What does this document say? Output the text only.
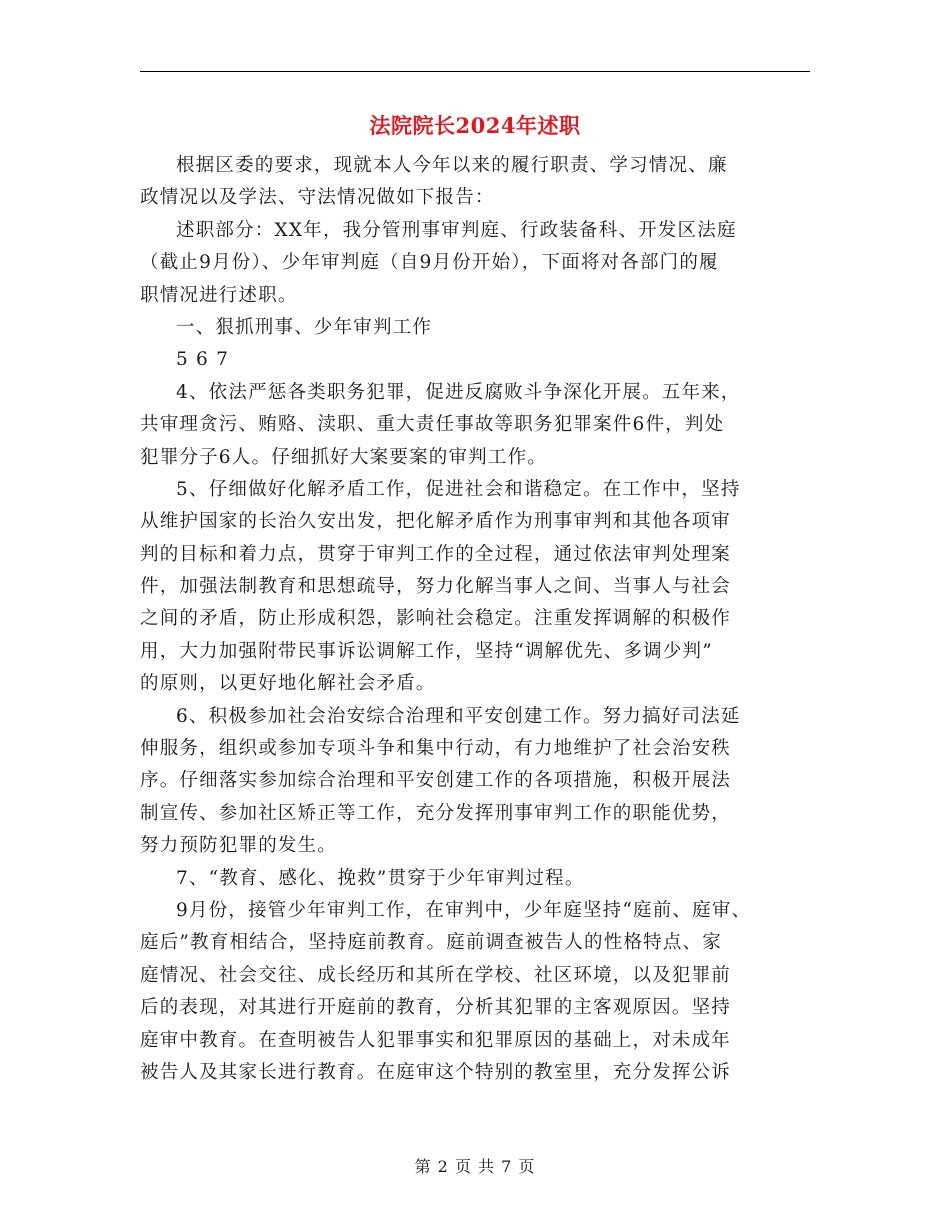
法院院长2024年述职
根据区委的要求，现就本人今年以来的履行职责、学习情况、廉
政情况以及学法、守法情况做如下报告：
述职部分：XX年，我分管刑事审判庭、行政装备科、开发区法庭
（截止9月份）、少年审判庭（自9月份开始），下面将对各部门的履
职情况进行述职。
一、狠抓刑事、少年审判工作
5 6 7
4、依法严惩各类职务犯罪，促进反腐败斗争深化开展。五年来，
共审理贪污、贿赂、渎职、重大责任事故等职务犯罪案件6件，判处
犯罪分子6人。仔细抓好大案要案的审判工作。
5、仔细做好化解矛盾工作，促进社会和谐稳定。在工作中，坚持
从维护国家的长治久安出发，把化解矛盾作为刑事审判和其他各项审
判的目标和着力点，贯穿于审判工作的全过程，通过依法审判处理案
件，加强法制教育和思想疏导，努力化解当事人之间、当事人与社会
之间的矛盾，防止形成积怨，影响社会稳定。注重发挥调解的积极作
用，大力加强附带民事诉讼调解工作，坚持“调解优先、多调少判”
的原则，以更好地化解社会矛盾。
6、积极参加社会治安综合治理和平安创建工作。努力搞好司法延
伸服务，组织或参加专项斗争和集中行动，有力地维护了社会治安秩
序。仔细落实参加综合治理和平安创建工作的各项措施，积极开展法
制宣传、参加社区矫正等工作，充分发挥刑事审判工作的职能优势，
努力预防犯罪的发生。
7、“教育、感化、挽救”贯穿于少年审判过程。
9月份，接管少年审判工作，在审判中，少年庭坚持“庭前、庭审、
庭后”教育相结合，坚持庭前教育。庭前调查被告人的性格特点、家
庭情况、社会交往、成长经历和其所在学校、社区环境，以及犯罪前
后的表现，对其进行开庭前的教育，分析其犯罪的主客观原因。坚持
庭审中教育。在查明被告人犯罪事实和犯罪原因的基础上，对未成年
被告人及其家长进行教育。在庭审这个特别的教室里，充分发挥公诉
第 2 页 共 7 页
